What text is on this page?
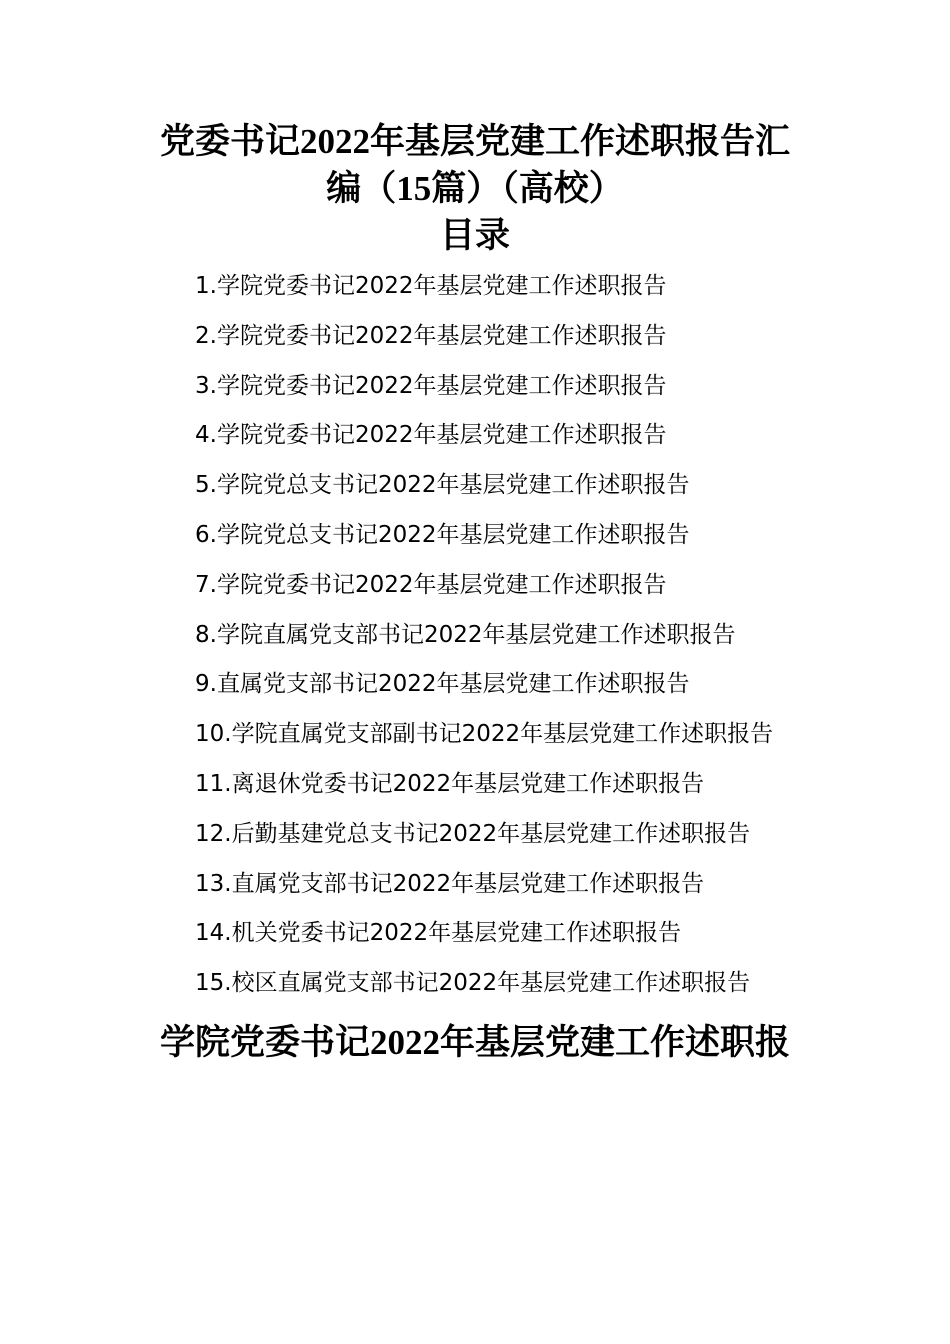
党委书记2022年基层党建工作述职报告汇编（15篇）（高校）
目录
1.学院党委书记2022年基层党建工作述职报告
2.学院党委书记2022年基层党建工作述职报告
3.学院党委书记2022年基层党建工作述职报告
4.学院党委书记2022年基层党建工作述职报告
5.学院党总支书记2022年基层党建工作述职报告
6.学院党总支书记2022年基层党建工作述职报告
7.学院党委书记2022年基层党建工作述职报告
8.学院直属党支部书记2022年基层党建工作述职报告
9.直属党支部书记2022年基层党建工作述职报告
10.学院直属党支部副书记2022年基层党建工作述职报告
11.离退休党委书记2022年基层党建工作述职报告
12.后勤基建党总支书记2022年基层党建工作述职报告
13.直属党支部书记2022年基层党建工作述职报告
14.机关党委书记2022年基层党建工作述职报告
15.校区直属党支部书记2022年基层党建工作述职报告
学院党委书记2022年基层党建工作述职报
